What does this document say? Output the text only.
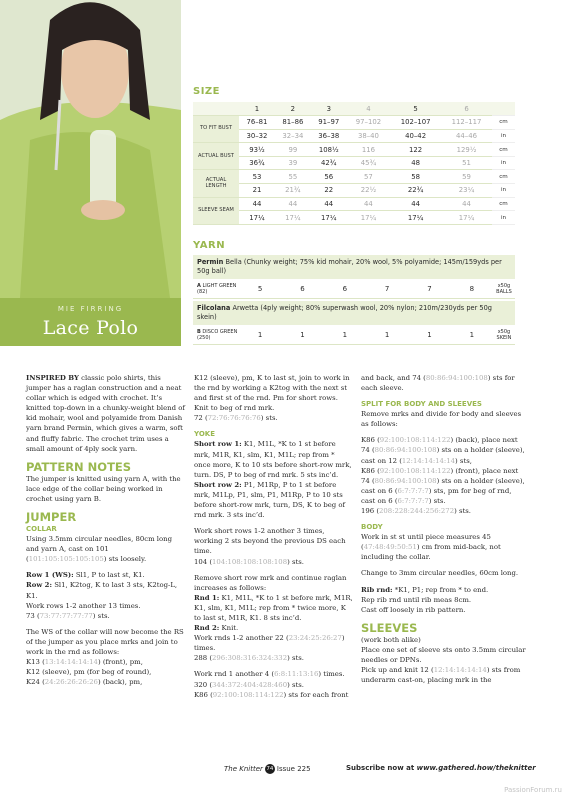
MIE FIRRING
Lace Polo
SIZE
	1	2	3	4	5	6	
TO FIT BUST	76–81	81–86	91–97	97–102	102–107	112–117	cm
	30–32	32–34	36–38	38–40	40–42	44–46	in
ACTUAL BUST	93½	99	108½	116	122	129½	cm
	36¾	39	42¾	45¾	48	51	in
ACTUAL LENGTH	53	55	56	57	58	59	cm
	21	21¾	22	22½	22¾	23¼	in
SLEEVE SEAM	44	44	44	44	44	44	cm
	17¼	17¼	17¼	17¼	17¼	17¼	in
YARN
Permin Bella (Chunky weight; 75% kid mohair, 20% wool, 5% polyamide; 145m/159yds per 50g ball)
A LIGHT GREEN (82)	5	6	6	7	7	8	x50g
BALLS
Filcolana Arwetta (4ply weight; 80% superwash wool, 20% nylon; 210m/230yds per 50g skein)
B DISCO GREEN (250)	1	1	1	1	1	1	x50g
SKEIN

INSPIRED BY classic polo shirts, this jumper has a raglan construction and a neat collar which is edged with crochet. It’s knitted top-down in a chunky-weight blend of kid mohair, wool and polyamide from Danish yarn brand Permin, which gives a warm, soft and fluffy fabric. The crochet trim uses a small amount of 4ply sock yarn.

PATTERN NOTES

The jumper is knitted using yarn A, with the lace edge of the collar being worked in crochet using yarn B.

JUMPER
COLLAR

Using 3.5mm circular needles, 80cm long and yarn A, cast on 101 (101:105:105:105:105) sts loosely.

Row 1 (WS): Sl1, P to last st, K1.

Row 2: Sl1, K2tog, K to last 3 sts, K2tog-L, K1.

Work rows 1-2 another 13 times.

73 (73:77:77:77:77) sts.

The WS of the collar will now become the RS of the jumper as you place mrks and join to work in the rnd as follows:

K13 (13:14:14:14:14) (front), pm,

K12 (sleeve), pm (for beg of round),

K24 (24:26:26:26:26) (back), pm,

K12 (sleeve), pm, K to last st, join to work in the rnd by working a K2tog with the next st and first st of the rnd. Pm for short rows. Knit to beg of rnd mrk.

72 (72:76:76:76:76) sts.

YOKE

Short row 1: K1, M1L, *K to 1 st before mrk, M1R, K1, slm, K1, M1L; rep from * once more, K to 10 sts before short-row mrk, turn. DS, P to beg of rnd mrk. 5 sts inc’d.

Short row 2: P1, M1Rp, P to 1 st before mrk, M1Lp, P1, slm, P1, M1Rp, P to 10 sts before short-row mrk, turn, DS, K to beg of rnd mrk. 3 sts inc’d.

Work short rows 1-2 another 3 times, working 2 sts beyond the previous DS each time.

104 (104:108:108:108:108) sts.

Remove short row mrk and continue raglan increases as follows:

Rnd 1: K1, M1L, *K to 1 st before mrk, M1R, K1, slm, K1, M1L; rep from * twice more, K to last st, M1R, K1. 8 sts inc’d.

Rnd 2: Knit.

Work rnds 1-2 another 22 (23:24:25:26:27) times.

288 (296:308:316:324:332) sts.

Work rnd 1 another 4 (6:8:11:13:16) times.

320 (344:372:404:428:460) sts.

K86 (92:100:108:114:122) sts for each front

and back, and 74 (80:86:94:100:108) sts for each sleeve.

SPLIT FOR BODY AND SLEEVES

Remove mrks and divide for body and sleeves as follows:

K86 (92:100:108:114:122) (back), place next 74 (80:86:94:100:108) sts on a holder (sleeve), cast on 12 (12:14:14:14:14) sts,

K86 (92:100:108:114:122) (front), place next 74 (80:86:94:100:108) sts on a holder (sleeve), cast on 6 (6:7:7:7:7) sts, pm for beg of rnd, cast on 6 (6:7:7:7:7) sts.

196 (208:228:244:256:272) sts.

BODY

Work in st st until piece measures 45 (47:48:49:50:51) cm from mid-back, not including the collar.

Change to 3mm circular needles, 60cm long.

Rib rnd: *K1, P1; rep from * to end.

Rep rib rnd until rib meas 8cm.

Cast off loosely in rib pattern.

SLEEVES

(work both alike)

Place one set of sleeve sts onto 3.5mm circular needles or DPNs.

Pick up and knit 12 (12:14:14:14:14) sts from underarm cast-on, placing mrk in the

The Knitter 74 Issue 225	Subscribe now at www.gathered.how/theknitter
PassionForum.ru
